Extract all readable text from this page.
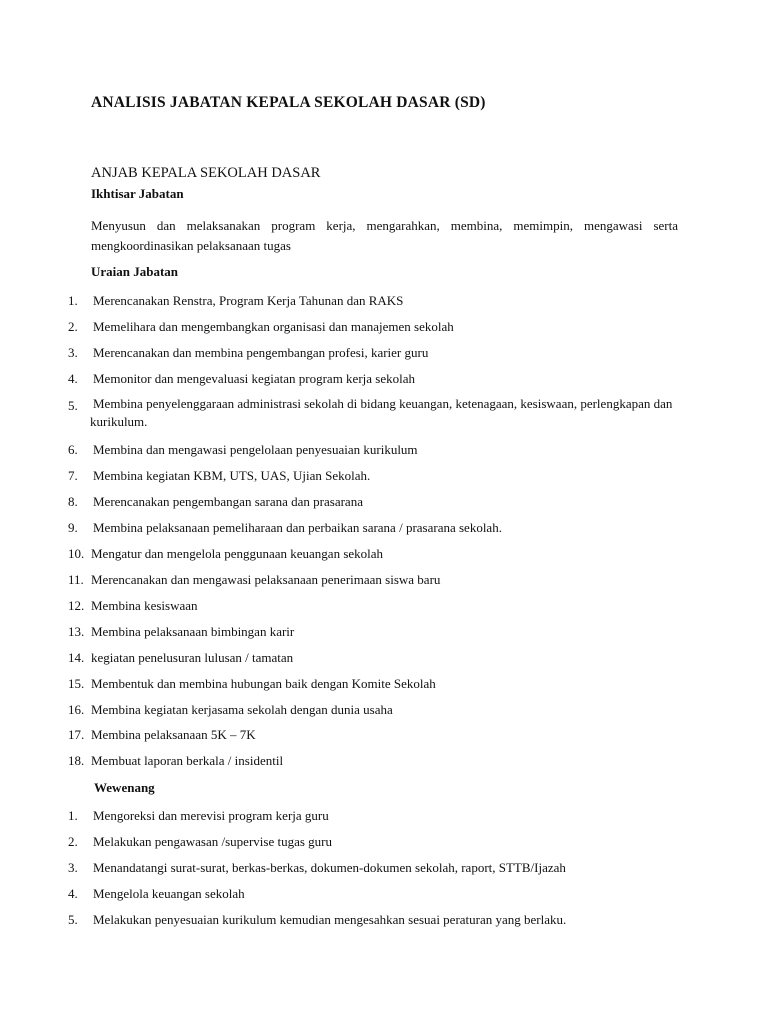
ANALISIS JABATAN KEPALA SEKOLAH DASAR (SD)
ANJAB KEPALA SEKOLAH DASAR
Ikhtisar Jabatan
Menyusun dan melaksanakan program kerja, mengarahkan, membina, memimpin, mengawasi serta mengkoordinasikan pelaksanaan tugas
Uraian Jabatan
1. Merencanakan Renstra, Program Kerja Tahunan dan RAKS
2. Memelihara dan mengembangkan organisasi dan manajemen sekolah
3. Merencanakan dan membina pengembangan profesi, karier guru
4. Memonitor dan mengevaluasi kegiatan program kerja sekolah
5. Membina penyelenggaraan administrasi sekolah di bidang keuangan, ketenagaan, kesiswaan, perlengkapan dan kurikulum.
6. Membina dan mengawasi pengelolaan penyesuaian kurikulum
7. Membina kegiatan KBM, UTS, UAS, Ujian Sekolah.
8. Merencanakan pengembangan sarana dan prasarana
9. Membina pelaksanaan pemeliharaan dan perbaikan sarana / prasarana sekolah.
10. Mengatur dan mengelola penggunaan keuangan sekolah
11. Merencanakan dan mengawasi pelaksanaan penerimaan siswa baru
12. Membina kesiswaan
13. Membina pelaksanaan bimbingan karir
14. kegiatan penelusuran lulusan / tamatan
15. Membentuk dan membina hubungan baik dengan Komite Sekolah
16. Membina kegiatan kerjasama sekolah dengan dunia usaha
17. Membina pelaksanaan 5K – 7K
18. Membuat laporan berkala / insidentil
Wewenang
1. Mengoreksi dan merevisi program kerja guru
2. Melakukan pengawasan /supervise tugas guru
3. Menandatangi surat-surat, berkas-berkas, dokumen-dokumen sekolah, raport, STTB/Ijazah
4. Mengelola keuangan sekolah
5. Melakukan penyesuaian kurikulum kemudian mengesahkan sesuai peraturan yang berlaku.
